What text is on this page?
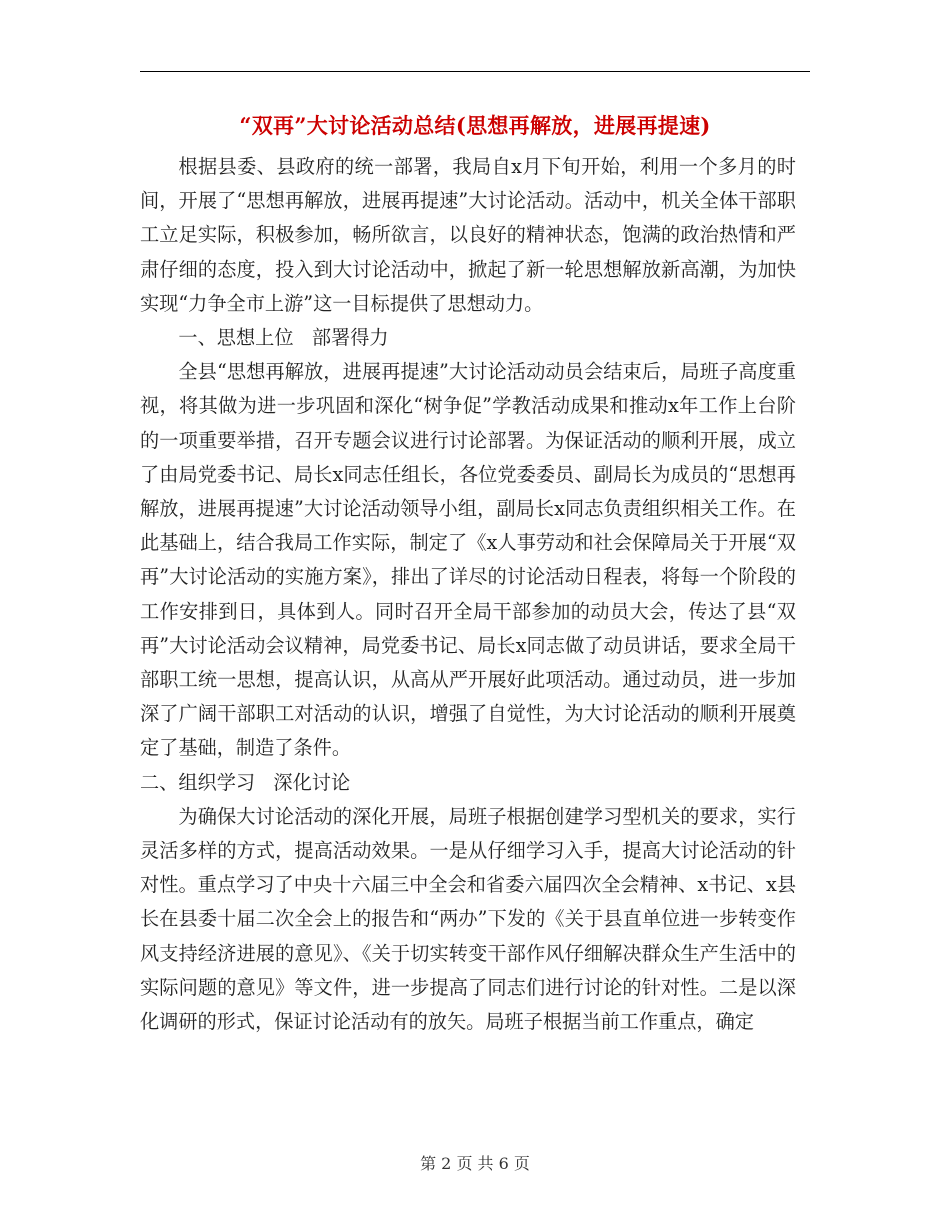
“双再”大讨论活动总结(思想再解放，进展再提速)

根据县委、县政府的统一部署，我局自x月下旬开始，利用一个多月的时间，开展了“思想再解放，进展再提速”大讨论活动。活动中，机关全体干部职工立足实际，积极参加，畅所欲言，以良好的精神状态，饱满的政治热情和严肃仔细的态度，投入到大讨论活动中，掀起了新一轮思想解放新高潮，为加快实现“力争全市上游”这一目标提供了思想动力。

一、思想上位   部署得力

全县“思想再解放，进展再提速”大讨论活动动员会结束后，局班子高度重视，将其做为进一步巩固和深化“树争促”学教活动成果和推动x年工作上台阶的一项重要举措，召开专题会议进行讨论部署。为保证活动的顺利开展，成立了由局党委书记、局长x同志任组长，各位党委委员、副局长为成员的“思想再解放，进展再提速”大讨论活动领导小组，副局长x同志负责组织相关工作。在此基础上，结合我局工作实际，制定了《x人事劳动和社会保障局关于开展“双再”大讨论活动的实施方案》，排出了详尽的讨论活动日程表，将每一个阶段的工作安排到日，具体到人。同时召开全局干部参加的动员大会，传达了县“双再”大讨论活动会议精神，局党委书记、局长x同志做了动员讲话，要求全局干部职工统一思想，提高认识，从高从严开展好此项活动。通过动员，进一步加深了广阔干部职工对活动的认识，增强了自觉性，为大讨论活动的顺利开展奠定了基础，制造了条件。

二、组织学习   深化讨论

为确保大讨论活动的深化开展，局班子根据创建学习型机关的要求，实行灵活多样的方式，提高活动效果。一是从仔细学习入手，提高大讨论活动的针对性。重点学习了中央十六届三中全会和省委六届四次全会精神、x书记、x县长在县委十届二次全会上的报告和“两办”下发的《关于县直单位进一步转变作风支持经济进展的意见》、《关于切实转变干部作风仔细解决群众生产生活中的实际问题的意见》等文件，进一步提高了同志们进行讨论的针对性。二是以深化调研的形式，保证讨论活动有的放矢。局班子根据当前工作重点，确定

第 2 页 共 6 页
